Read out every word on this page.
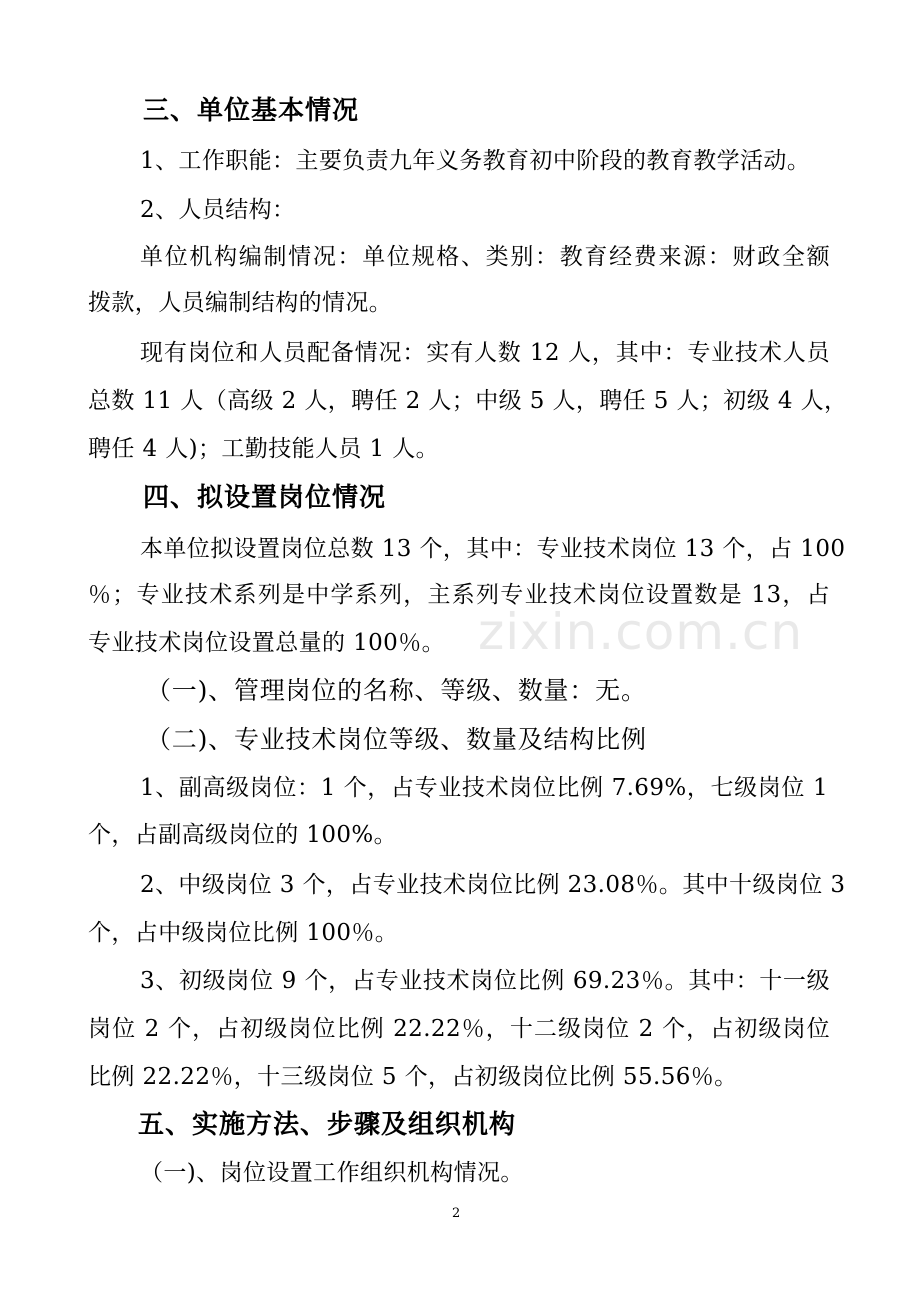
三、单位基本情况

1、工作职能：主要负责九年义务教育初中阶段的教育教学活动。

2、人员结构：

单位机构编制情况：单位规格、类别：教育经费来源：财政全额

拨款，人员编制结构的情况。

现有岗位和人员配备情况：实有人数 12 人，其中：专业技术人员

总数 11 人（高级 2 人，聘任 2 人；中级 5 人，聘任 5 人；初级 4 人，

聘任 4 人)；工勤技能人员 1 人。

四、拟设置岗位情况

本单位拟设置岗位总数 13 个，其中：专业技术岗位 13 个，占 100

％；专业技术系列是中学系列，主系列专业技术岗位设置数是 13，占

专业技术岗位设置总量的 100％。

（一)、管理岗位的名称、等级、数量：无。

（二)、专业技术岗位等级、数量及结构比例

1、副高级岗位：1 个，占专业技术岗位比例 7.69%，七级岗位 1

个，占副高级岗位的 100%。

2、中级岗位 3 个，占专业技术岗位比例 23.08％。其中十级岗位 3

个，占中级岗位比例 100％。

3、初级岗位 9 个，占专业技术岗位比例 69.23％。其中：十一级

岗位 2 个，占初级岗位比例 22.22％，十二级岗位 2 个，占初级岗位

比例 22.22％，十三级岗位 5 个，占初级岗位比例 55.56％。

五、实施方法、步骤及组织机构

（一)、岗位设置工作组织机构情况。

zixin.com.cn
2
